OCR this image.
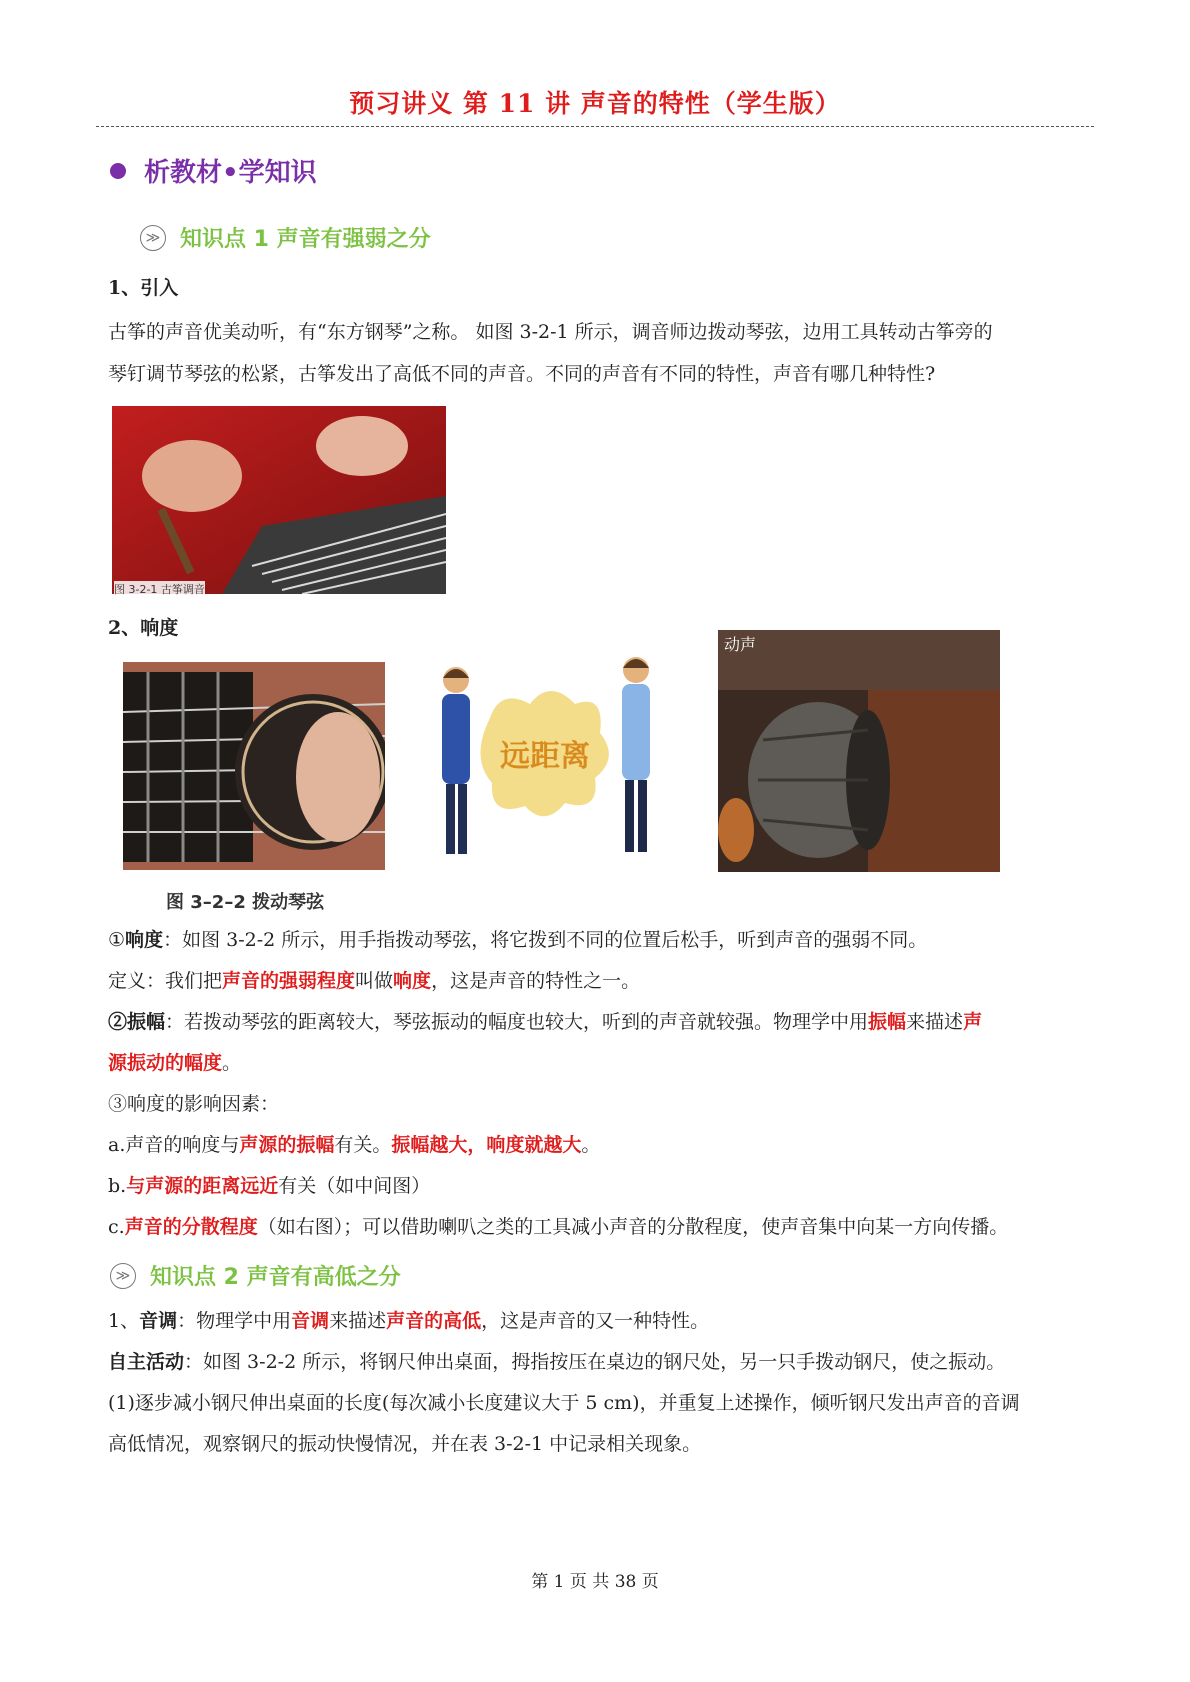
预习讲义 第 11 讲 声音的特性（学生版）
析教材•学知识
≫ 知识点 1 声音有强弱之分
1、引入
古筝的声音优美动听，有“东方钢琴”之称。 如图 3-2-1 所示，调音师边拨动琴弦，边用工具转动古筝旁的
琴钉调节琴弦的松紧，古筝发出了高低不同的声音。不同的声音有不同的特性，声音有哪几种特性?
图 3-2-1 古筝调音
2、响度
远距离
动声
图 3–2–2 拨动琴弦
①响度：如图 3-2-2 所示，用手指拨动琴弦，将它拨到不同的位置后松手，听到声音的强弱不同。
定义：我们把声音的强弱程度叫做响度，这是声音的特性之一。
②振幅：若拨动琴弦的距离较大，琴弦振动的幅度也较大，听到的声音就较强。物理学中用振幅来描述声
源振动的幅度。
③响度的影响因素：
a.声音的响度与声源的振幅有关。振幅越大，响度就越大。
b.与声源的距离远近有关（如中间图）
c.声音的分散程度（如右图）；可以借助喇叭之类的工具减小声音的分散程度，使声音集中向某一方向传播。
≫ 知识点 2 声音有高低之分
1、音调：物理学中用音调来描述声音的高低，这是声音的又一种特性。
自主活动：如图 3-2-2 所示，将钢尺伸出桌面，拇指按压在桌边的钢尺处，另一只手拨动钢尺，使之振动。
(1)逐步减小钢尺伸出桌面的长度(每次减小长度建议大于 5 cm)，并重复上述操作，倾听钢尺发出声音的音调
高低情况，观察钢尺的振动快慢情况，并在表 3-2-1 中记录相关现象。
第 1 页 共 38 页
